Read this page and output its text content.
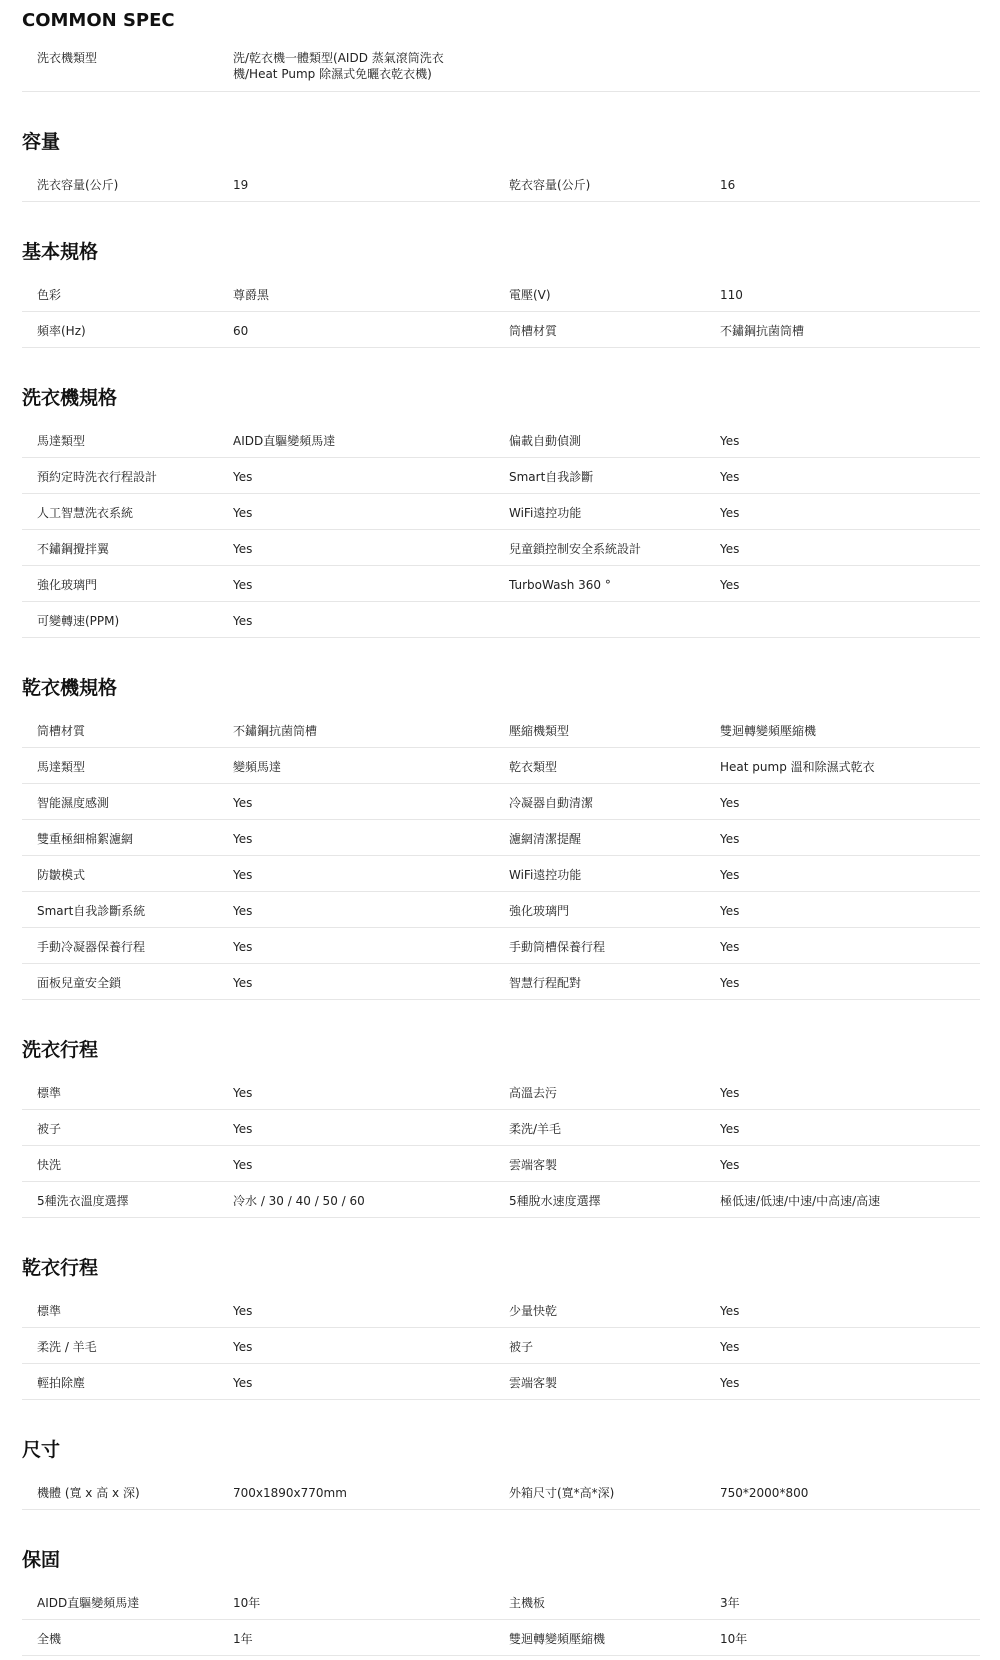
COMMON SPEC
洗衣機類型	洗/乾衣機一體類型(AIDD 蒸氣滾筒洗衣機/Heat Pump 除濕式免曬衣乾衣機)
容量
洗衣容量(公斤)	19	乾衣容量(公斤)	16
基本規格
色彩	尊爵黑	電壓(V)	110
頻率(Hz)	60	筒槽材質	不鏽鋼抗菌筒槽
洗衣機規格
馬達類型	AIDD直驅變頻馬達	偏載自動偵測	Yes
預約定時洗衣行程設計	Yes	Smart自我診斷	Yes
人工智慧洗衣系統	Yes	WiFi遠控功能	Yes
不鏽鋼攪拌翼	Yes	兒童鎖控制安全系統設計	Yes
強化玻璃門	Yes	TurboWash 360 °	Yes
可變轉速(PPM)	Yes
乾衣機規格
筒槽材質	不鏽鋼抗菌筒槽	壓縮機類型	雙迴轉變頻壓縮機
馬達類型	變頻馬達	乾衣類型	Heat pump 溫和除濕式乾衣
智能濕度感測	Yes	冷凝器自動清潔	Yes
雙重極細棉絮濾網	Yes	濾網清潔提醒	Yes
防皺模式	Yes	WiFi遠控功能	Yes
Smart自我診斷系統	Yes	強化玻璃門	Yes
手動冷凝器保養行程	Yes	手動筒槽保養行程	Yes
面板兒童安全鎖	Yes	智慧行程配對	Yes
洗衣行程
標準	Yes	高溫去污	Yes
被子	Yes	柔洗/羊毛	Yes
快洗	Yes	雲端客製	Yes
5種洗衣溫度選擇	冷水 / 30 / 40 / 50 / 60	5種脫水速度選擇	極低速/低速/中速/中高速/高速
乾衣行程
標準	Yes	少量快乾	Yes
柔洗 / 羊毛	Yes	被子	Yes
輕拍除塵	Yes	雲端客製	Yes
尺寸
機體 (寬 x 高 x 深)	700x1890x770mm	外箱尺寸(寬*高*深)	750*2000*800
保固
AIDD直驅變頻馬達	10年	主機板	3年
全機	1年	雙迴轉變頻壓縮機	10年
